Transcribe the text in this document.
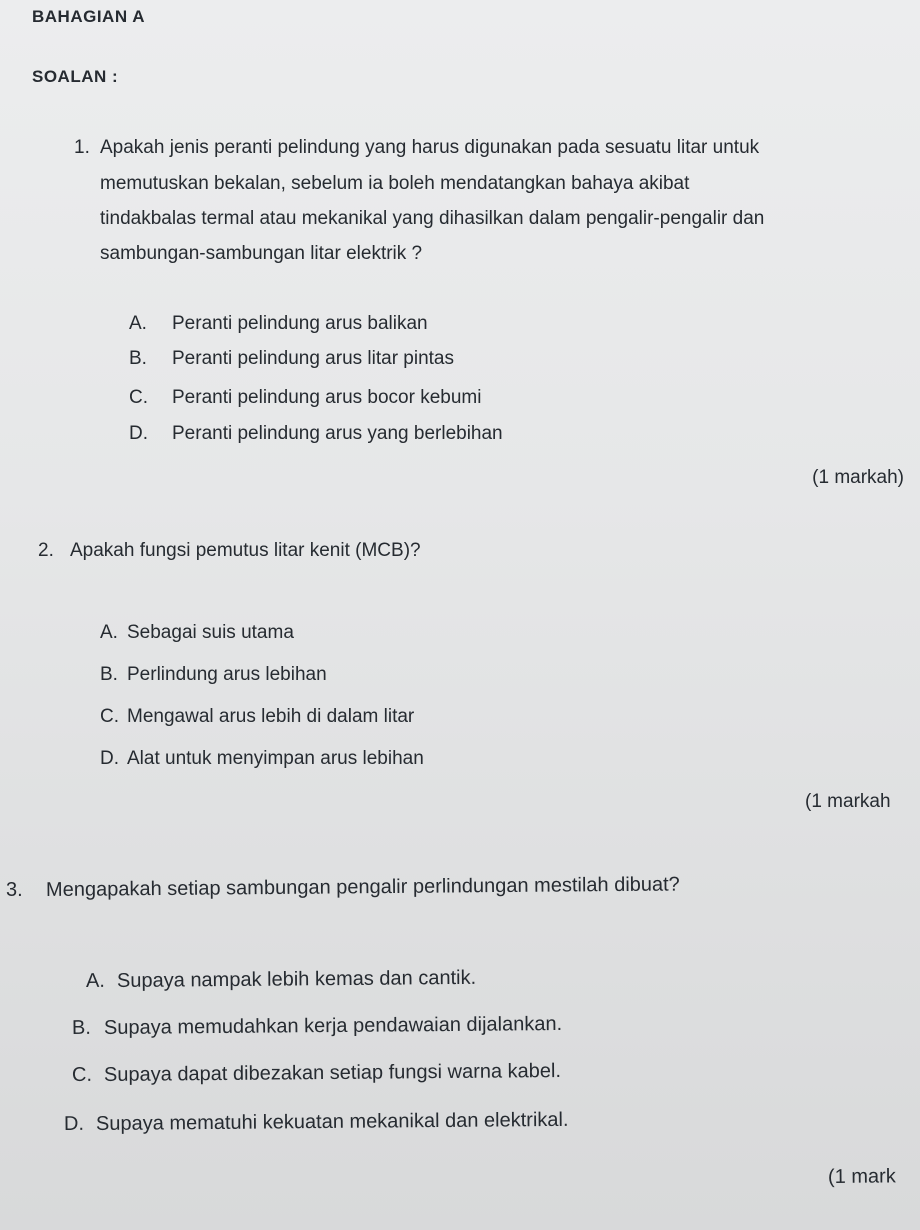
BAHAGIAN A
SOALAN :
1. Apakah jenis peranti pelindung yang harus digunakan pada sesuatu litar untuk
memutuskan bekalan, sebelum ia boleh mendatangkan bahaya akibat
tindakbalas termal atau mekanikal yang dihasilkan dalam pengalir-pengalir dan
sambungan-sambungan litar elektrik ?
A. Peranti pelindung arus balikan
B. Peranti pelindung arus litar pintas
C. Peranti pelindung arus bocor kebumi
D. Peranti pelindung arus yang berlebihan
(1 markah)
2. Apakah fungsi pemutus litar kenit (MCB)?
A. Sebagai suis utama
B. Perlindung arus lebihan
C. Mengawal arus lebih di dalam litar
D. Alat untuk menyimpan arus lebihan
(1 markah
3. Mengapakah setiap sambungan pengalir perlindungan mestilah dibuat?
A. Supaya nampak lebih kemas dan cantik.
B. Supaya memudahkan kerja pendawaian dijalankan.
C. Supaya dapat dibezakan setiap fungsi warna kabel.
D. Supaya mematuhi kekuatan mekanikal dan elektrikal.
(1 mark
